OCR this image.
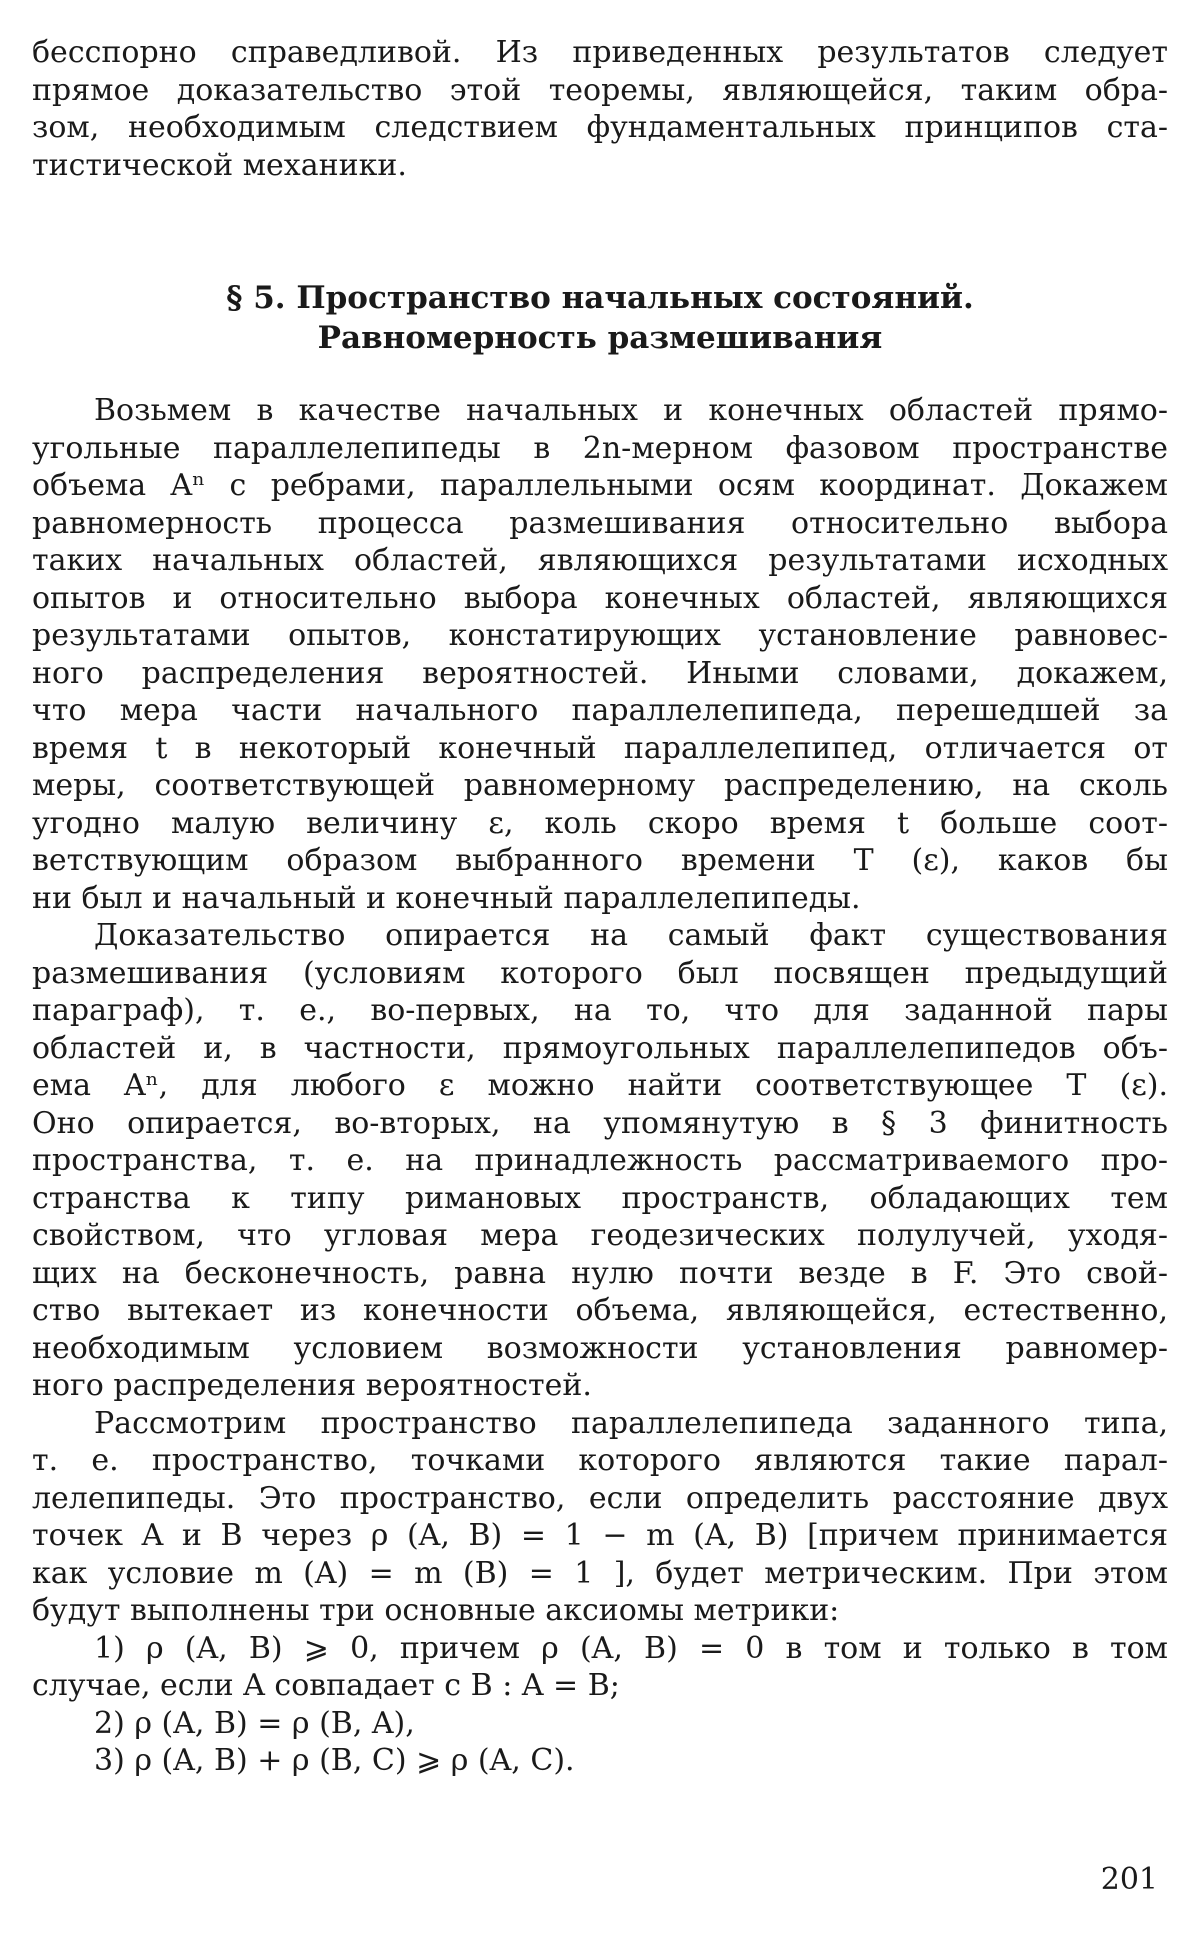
бесспорно справедливой. Из приведенных результатов следует
прямое доказательство этой теоремы, являющейся, таким обра-
зом, необходимым следствием фундаментальных принципов ста-
тистической механики.
§ 5. Пространство начальных состояний.
Равномерность размешивания
Возьмем в качестве начальных и конечных областей прямо-
угольные параллелепипеды в 2n-мерном фазовом пространстве
объема Aⁿ с ребрами, параллельными осям координат. Докажем
равномерность процесса размешивания относительно выбора
таких начальных областей, являющихся результатами исходных
опытов и относительно выбора конечных областей, являющихся
результатами опытов, констатирующих установление равновес-
ного распределения вероятностей. Иными словами, докажем,
что мера части начального параллелепипеда, перешедшей за
время t в некоторый конечный параллелепипед, отличается от
меры, соответствующей равномерному распределению, на сколь
угодно малую величину ε, коль скоро время t больше соот-
ветствующим образом выбранного времени T (ε), каков бы
ни был и начальный и конечный параллелепипеды.
Доказательство опирается на самый факт существования
размешивания (условиям которого был посвящен предыдущий
параграф), т. е., во-первых, на то, что для заданной пары
областей и, в частности, прямоугольных параллелепипедов объ-
ема Aⁿ, для любого ε можно найти соответствующее T (ε).
Оно опирается, во-вторых, на упомянутую в § 3 финитность
пространства, т. е. на принадлежность рассматриваемого про-
странства к типу римановых пространств, обладающих тем
свойством, что угловая мера геодезических полулучей, уходя-
щих на бесконечность, равна нулю почти везде в F. Это свой-
ство вытекает из конечности объема, являющейся, естественно,
необходимым условием возможности установления равномер-
ного распределения вероятностей.
Рассмотрим пространство параллелепипеда заданного типа,
т. е. пространство, точками которого являются такие парал-
лелепипеды. Это пространство, если определить расстояние двух
точек A и B через ρ (A, B) = 1 − m (A, B) [причем принимается
как условие m (A) = m (B) = 1 ], будет метрическим. При этом
будут выполнены три основные аксиомы метрики:
1) ρ (A, B) ⩾ 0, причем ρ (A, B) = 0 в том и только в том
случае, если A совпадает с B : A = B;
2) ρ (A, B) = ρ (B, A),
3) ρ (A, B) + ρ (B, C) ⩾ ρ (A, C).
201
